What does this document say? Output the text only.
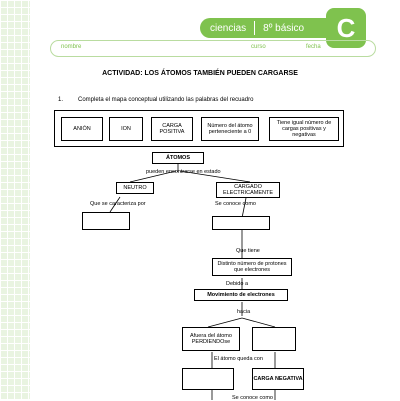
ciencias 8º básico	C
nombre	curso	fecha
ACTIVIDAD: LOS ÁTOMOS TAMBIÉN PUEDEN CARGARSE
1. Completa el mapa conceptual utilizando las palabras del recuadro
ANIÓN	ION	CARGA POSITIVA
Número del átomo perteneciente a 0
Tiene igual número de cargas positivas y negativas
ÁTOMOS
pueden encontrarse en estado
NEUTRO
Que se caracteriza por
CARGADO ELECTRICAMENTE
Se conoce como
Que tiene
Distinto número de protones que electrones
Debido a
Movimiento de electrones
hacia
Afuera del átomo PERDIENDOse
El átomo queda con
CARGA NEGATIVA
Se conoce como
